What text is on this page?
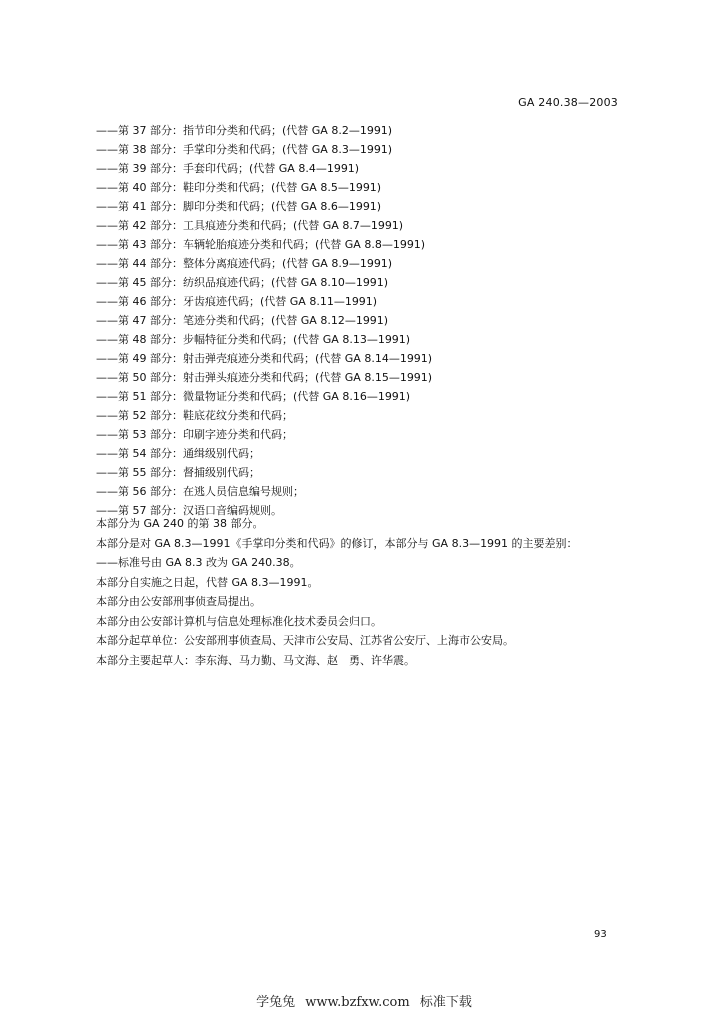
GA 240.38—2003
——第 37 部分：指节印分类和代码；(代替 GA 8.2—1991)
——第 38 部分：手掌印分类和代码；(代替 GA 8.3—1991)
——第 39 部分：手套印代码；(代替 GA 8.4—1991)
——第 40 部分：鞋印分类和代码；(代替 GA 8.5—1991)
——第 41 部分：脚印分类和代码；(代替 GA 8.6—1991)
——第 42 部分：工具痕迹分类和代码；(代替 GA 8.7—1991)
——第 43 部分：车辆轮胎痕迹分类和代码；(代替 GA 8.8—1991)
——第 44 部分：整体分离痕迹代码；(代替 GA 8.9—1991)
——第 45 部分：纺织品痕迹代码；(代替 GA 8.10—1991)
——第 46 部分：牙齿痕迹代码；(代替 GA 8.11—1991)
——第 47 部分：笔迹分类和代码；(代替 GA 8.12—1991)
——第 48 部分：步幅特征分类和代码；(代替 GA 8.13—1991)
——第 49 部分：射击弹壳痕迹分类和代码；(代替 GA 8.14—1991)
——第 50 部分：射击弹头痕迹分类和代码；(代替 GA 8.15—1991)
——第 51 部分：微量物证分类和代码；(代替 GA 8.16—1991)
——第 52 部分：鞋底花纹分类和代码；
——第 53 部分：印刷字迹分类和代码；
——第 54 部分：通缉级别代码；
——第 55 部分：督捕级别代码；
——第 56 部分：在逃人员信息编号规则；
——第 57 部分：汉语口音编码规则。
本部分为 GA 240 的第 38 部分。
本部分是对 GA 8.3—1991《手掌印分类和代码》的修订，本部分与 GA 8.3—1991 的主要差别：
——标准号由 GA 8.3 改为 GA 240.38。
本部分自实施之日起，代替 GA 8.3—1991。
本部分由公安部刑事侦查局提出。
本部分由公安部计算机与信息处理标准化技术委员会归口。
本部分起草单位：公安部刑事侦查局、天津市公安局、江苏省公安厅、上海市公安局。
本部分主要起草人：李东海、马力勤、马文海、赵　勇、许华震。
93
学兔兔 www.bzfxw.com 标准下载
